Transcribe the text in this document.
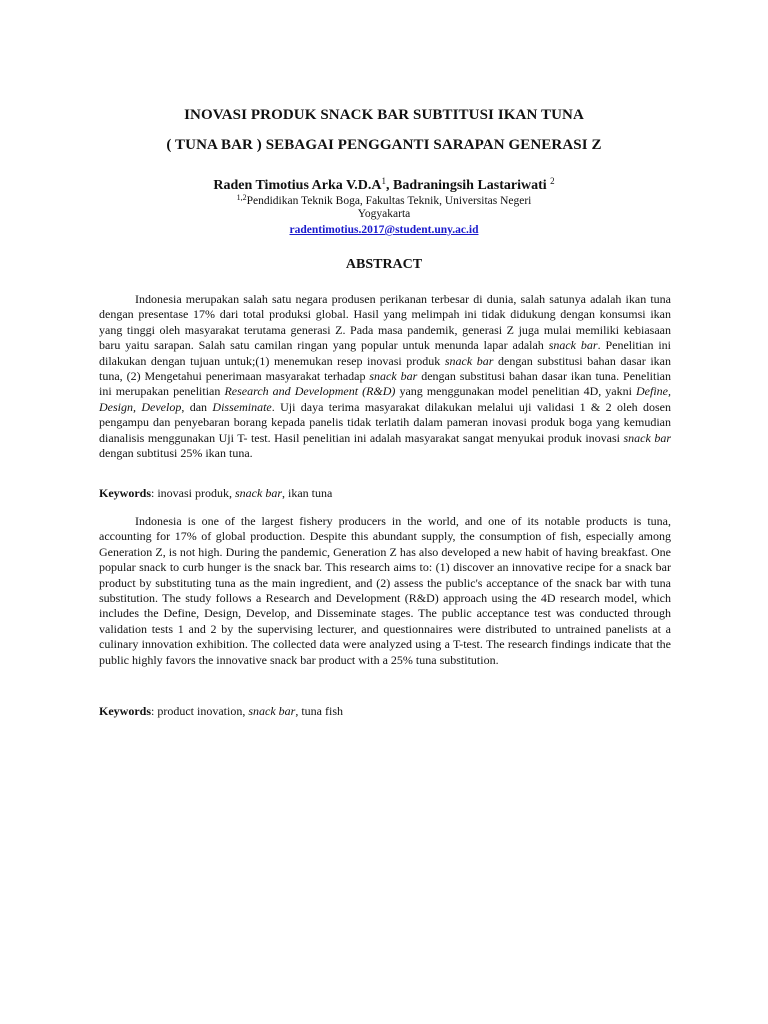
INOVASI PRODUK SNACK BAR SUBTITUSI IKAN TUNA
( TUNA BAR ) SEBAGAI PENGGANTI SARAPAN GENERASI Z
Raden Timotius Arka $V.D.A^1$, Badraningsih Lastariwati $^2$
$^{1,2}$Pendidikan Teknik Boga, Fakultas Teknik, Universitas Negeri
Yogyakarta
radentimotius.2017@student.uny.ac.id
ABSTRACT

Indonesia merupakan salah satu negara produsen perikanan terbesar di dunia, salah satunya adalah ikan tuna dengan presentase 17% dari total produksi global. Hasil yang melimpah ini tidak didukung dengan konsumsi ikan yang tinggi oleh masyarakat terutama generasi Z. Pada masa pandemik, generasi Z juga mulai memiliki kebiasaan baru yaitu sarapan. Salah satu camilan ringan yang popular untuk menunda lapar adalah snack bar. Penelitian ini dilakukan dengan tujuan untuk;(1) menemukan resep inovasi produk snack bar dengan substitusi bahan dasar ikan tuna, (2) Mengetahui penerimaan masyarakat terhadap snack bar dengan substitusi bahan dasar ikan tuna. Penelitian ini merupakan penelitian Research and Development (R&D) yang menggunakan model penelitian 4D, yakni Define, Design, Develop, dan Disseminate. Uji daya terima masyarakat dilakukan melalui uji validasi 1 & 2 oleh dosen pengampu dan penyebaran borang kepada panelis tidak terlatih dalam pameran inovasi produk boga yang kemudian dianalisis menggunakan Uji T- test. Hasil penelitian ini adalah masyarakat sangat menyukai produk inovasi snack bar dengan subtitusi 25% ikan tuna.

Keywords: inovasi produk, snack bar, ikan tuna

Indonesia is one of the largest fishery producers in the world, and one of its notable products is tuna, accounting for 17% of global production. Despite this abundant supply, the consumption of fish, especially among Generation Z, is not high. During the pandemic, Generation Z has also developed a new habit of having breakfast. One popular snack to curb hunger is the snack bar. This research aims to: (1) discover an innovative recipe for a snack bar product by substituting tuna as the main ingredient, and (2) assess the public's acceptance of the snack bar with tuna substitution. The study follows a Research and Development (R&D) approach using the 4D research model, which includes the Define, Design, Develop, and Disseminate stages. The public acceptance test was conducted through validation tests 1 and 2 by the supervising lecturer, and questionnaires were distributed to untrained panelists at a culinary innovation exhibition. The collected data were analyzed using a T-test. The research findings indicate that the public highly favors the innovative snack bar product with a 25% tuna substitution.

Keywords: product inovation, snack bar, tuna fish
